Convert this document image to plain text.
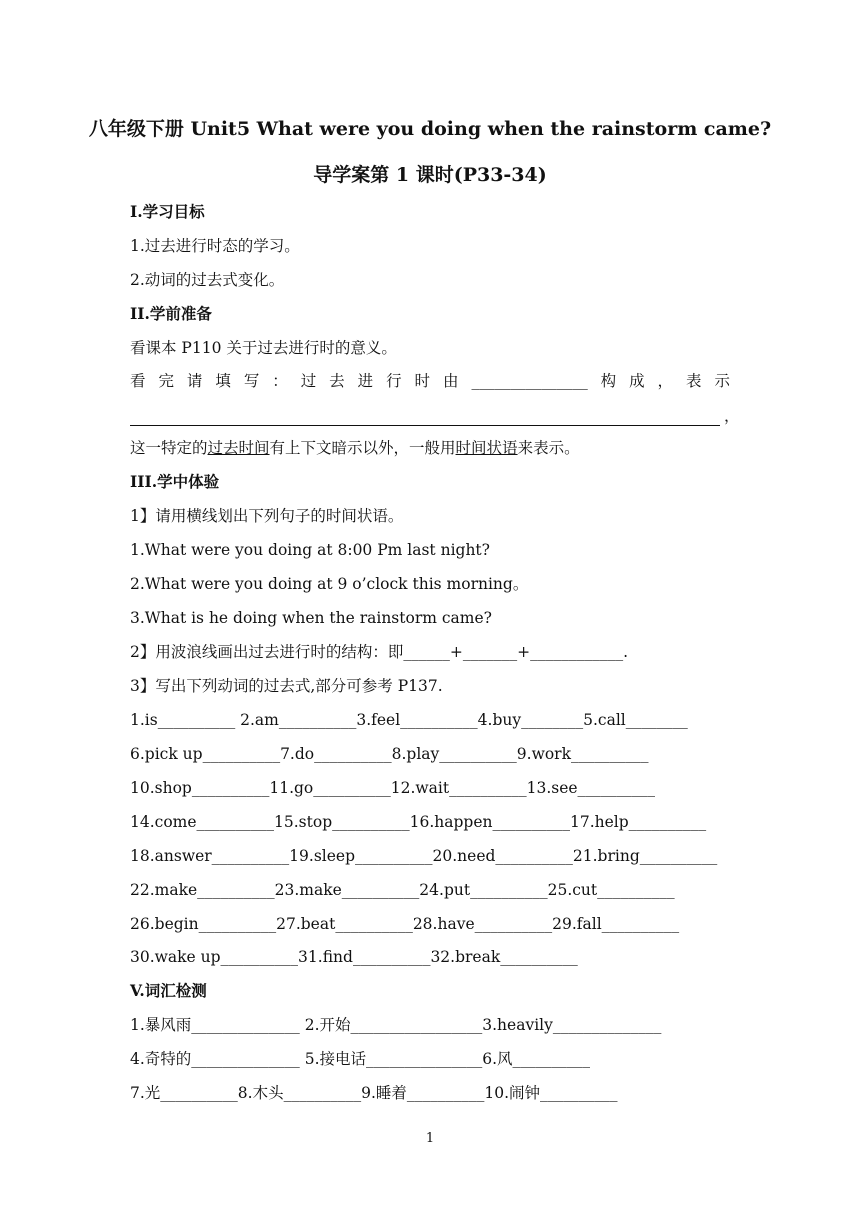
八年级下册 Unit5 What were you doing when the rainstorm came?
导学案第 1 课时(P33-34)
I.学习目标
1.过去进行时态的学习。
2.动词的过去式变化。
II.学前准备
看课本 P110 关于过去进行时的意义。
看 完 请 填 写 ： 过 去 进 行 时 由 _______________ 构 成 ， 表 示
，
这一特定的过去时间有上下文暗示以外，一般用时间状语来表示。
III.学中体验
1】请用横线划出下列句子的时间状语。
1.What were you doing at 8:00 Pm last night?
2.What were you doing at 9 o’clock this morning。
3.What is he doing when the rainstorm came?
2】用波浪线画出过去进行时的结构：即______+_______+____________.
3】写出下列动词的过去式,部分可参考 P137.
1.is__________ 2.am__________3.feel__________4.buy________5.call________
6.pick up__________7.do__________8.play__________9.work__________
10.shop__________11.go__________12.wait__________13.see__________
14.come__________15.stop__________16.happen__________17.help__________
18.answer__________19.sleep__________20.need__________21.bring__________
22.make__________23.make__________24.put__________25.cut__________
26.begin__________27.beat__________28.have__________29.fall__________
30.wake up__________31.find__________32.break__________
V.词汇检测
1.暴风雨______________ 2.开始_________________3.heavily______________
4.奇特的______________ 5.接电话_______________6.风__________
7.光__________8.木头__________9.睡着__________10.闹钟__________
1
